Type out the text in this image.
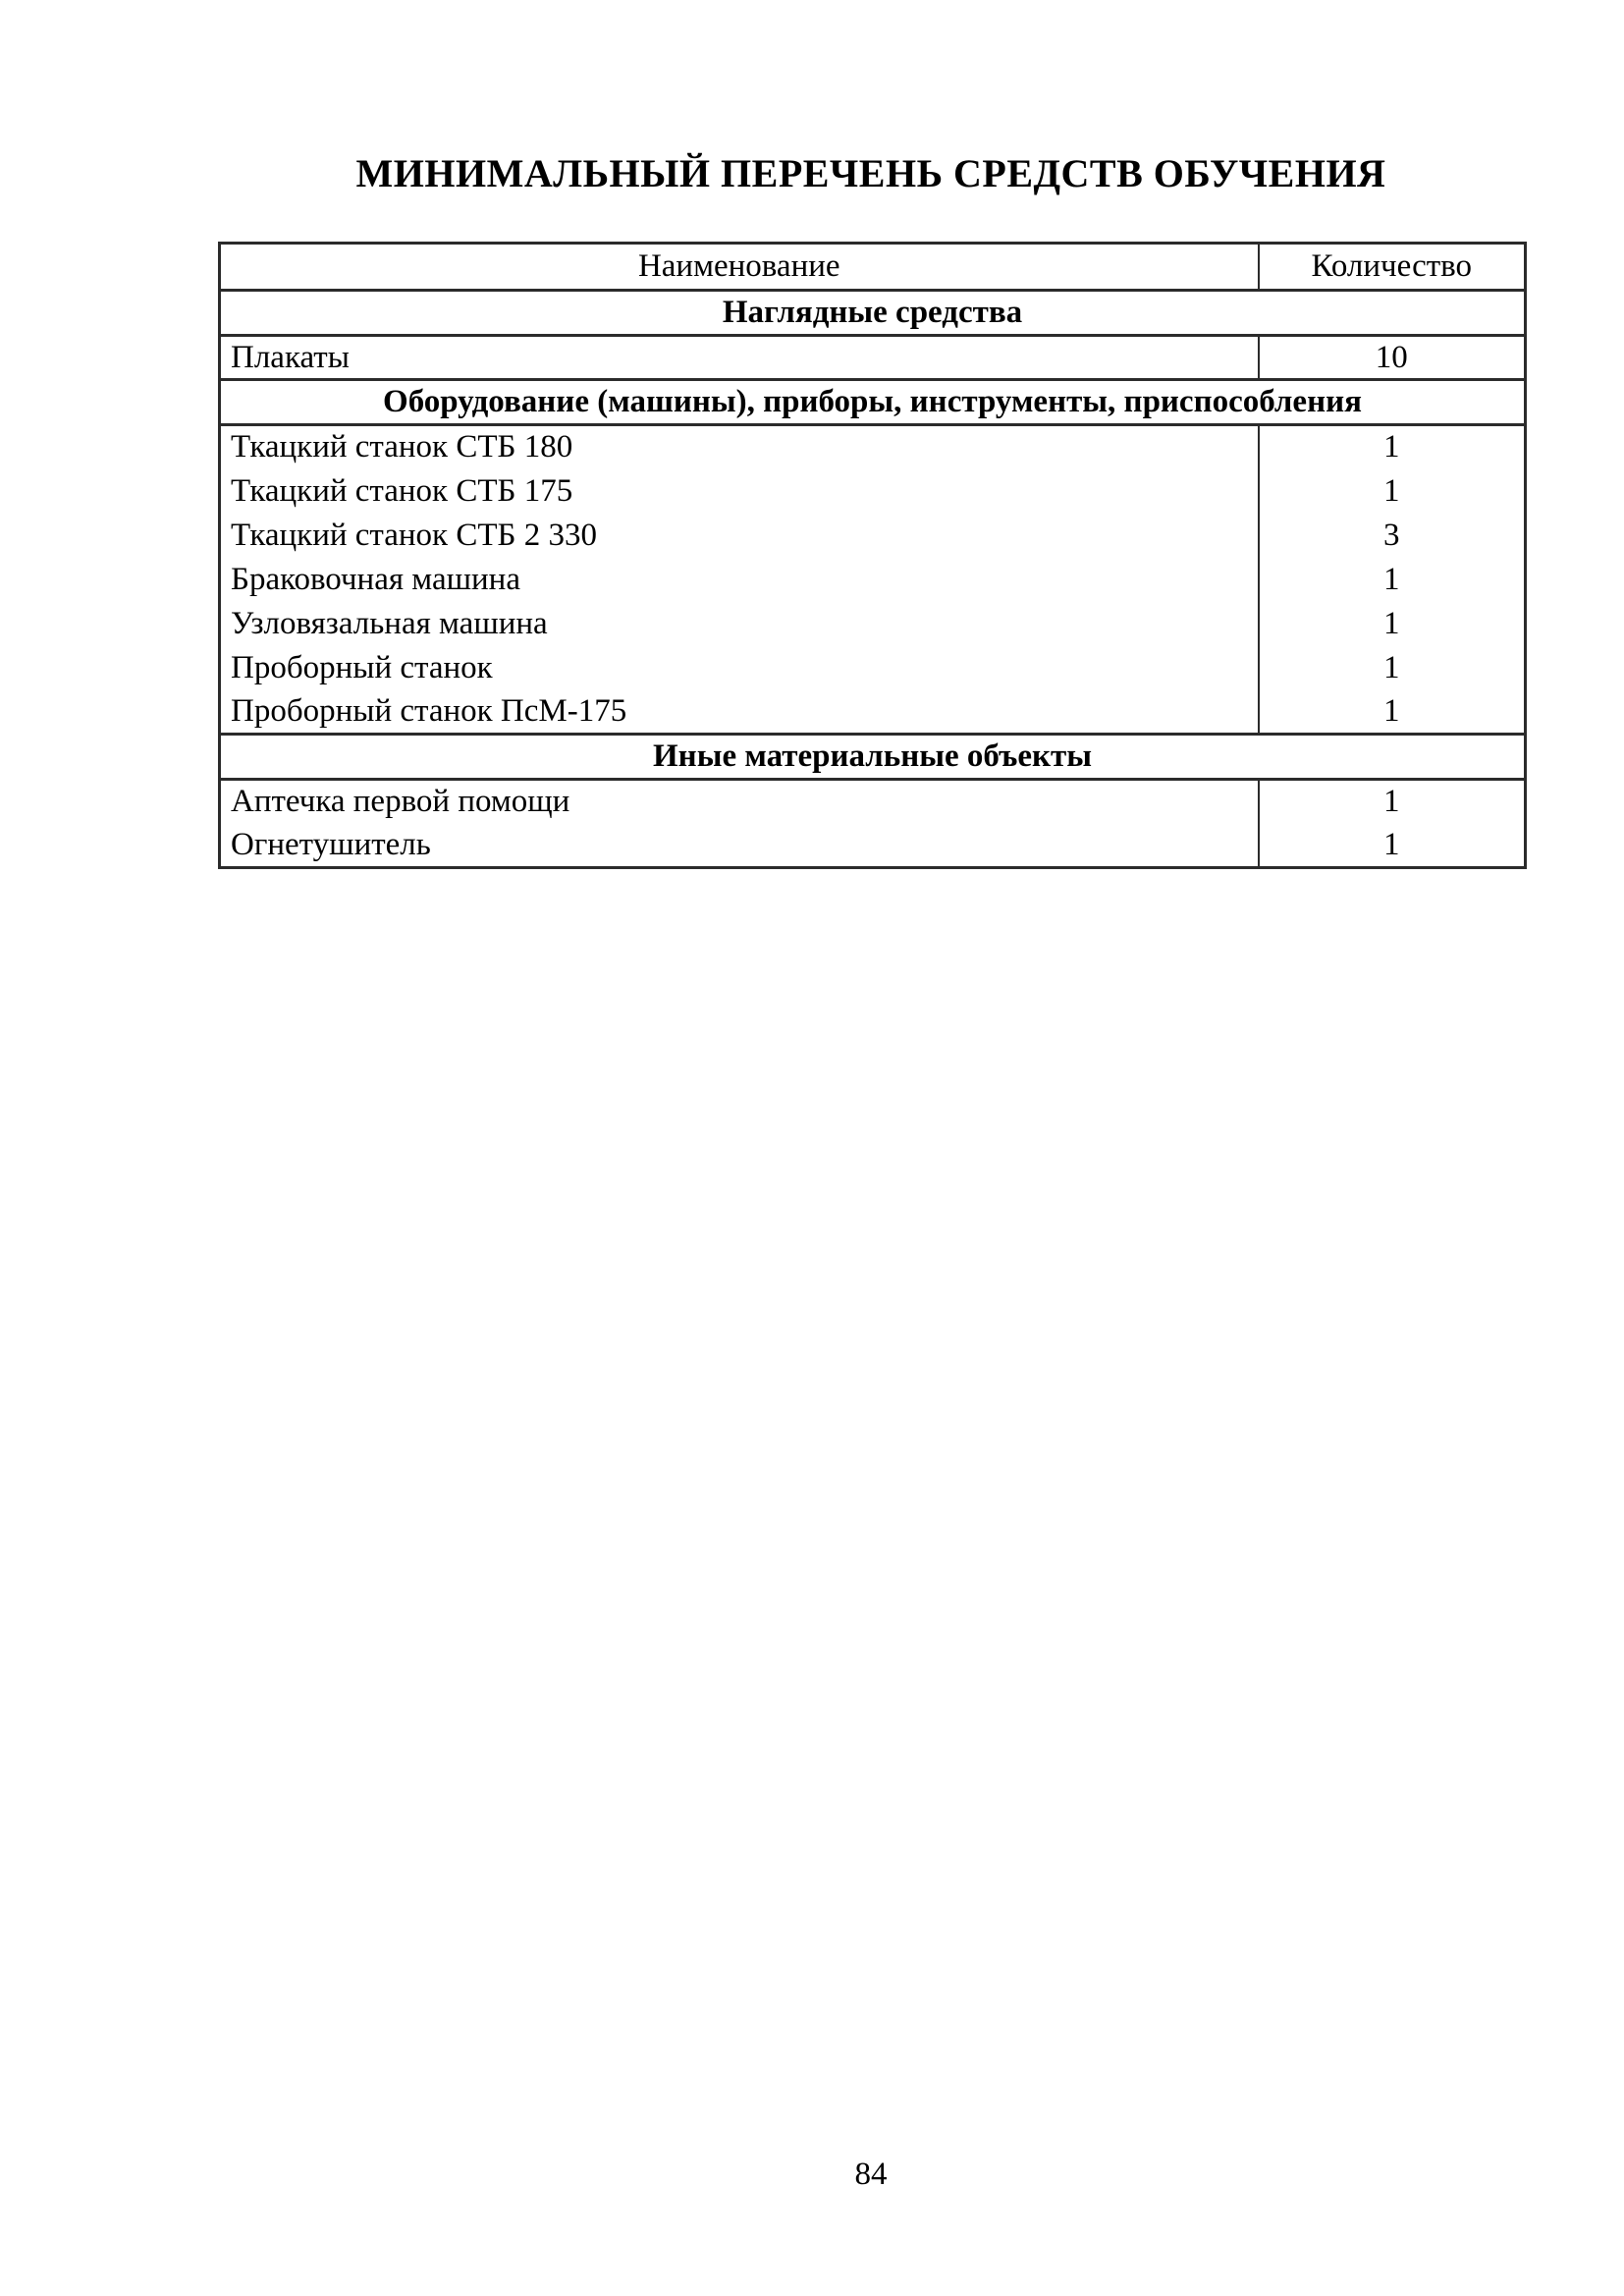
МИНИМАЛЬНЫЙ ПЕРЕЧЕНЬ СРЕДСТВ ОБУЧЕНИЯ
Наименование	Количество
Наглядные средства	
Плакаты	10
Оборудование (машины), приборы, инструменты, приспособления	
Ткацкий станок СТБ 180	1
Ткацкий станок СТБ 175	1
Ткацкий станок СТБ 2 330	3
Браковочная машина	1
Узловязальная машина	1
Проборный станок	1
Проборный станок ПсМ-175	1
Иные материальные объекты	
Аптечка первой помощи	1
Огнетушитель	1
84
